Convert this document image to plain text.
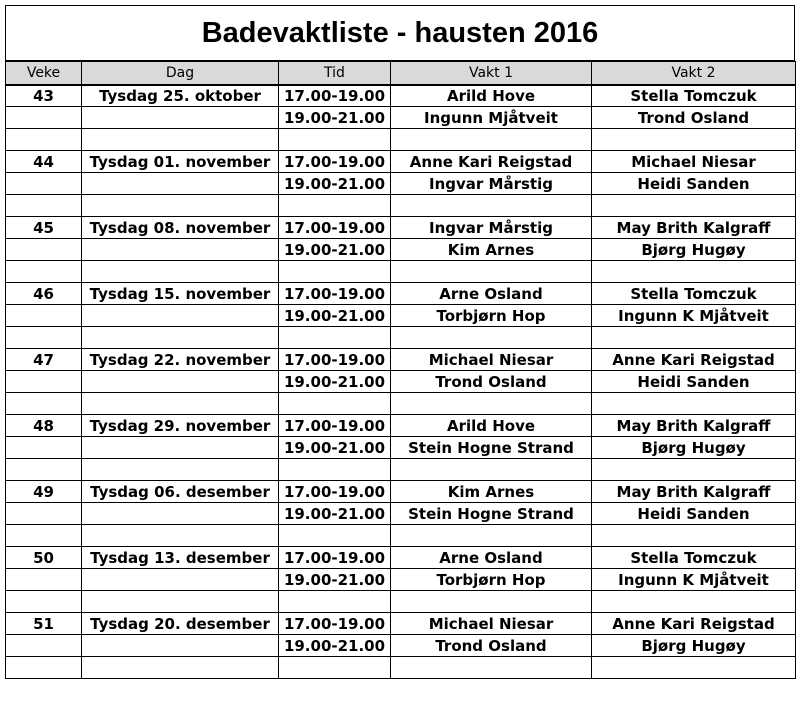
Badevaktliste - hausten 2016
Veke	Dag	Tid	Vakt 1	Vakt 2
43	Tysdag 25. oktober	17.00-19.00	Arild Hove	Stella Tomczuk
		19.00-21.00	Ingunn Mjåtveit	Trond Osland

44	Tysdag 01. november	17.00-19.00	Anne Kari Reigstad	Michael Niesar
		19.00-21.00	Ingvar Mårstig	Heidi Sanden

45	Tysdag 08. november	17.00-19.00	Ingvar Mårstig	May Brith Kalgraff
		19.00-21.00	Kim Arnes	Bjørg Hugøy

46	Tysdag 15. november	17.00-19.00	Arne Osland	Stella Tomczuk
		19.00-21.00	Torbjørn Hop	Ingunn K Mjåtveit

47	Tysdag 22. november	17.00-19.00	Michael Niesar	Anne Kari Reigstad
		19.00-21.00	Trond Osland	Heidi Sanden

48	Tysdag 29. november	17.00-19.00	Arild Hove	May Brith Kalgraff
		19.00-21.00	Stein Hogne Strand	Bjørg Hugøy

49	Tysdag 06. desember	17.00-19.00	Kim Arnes	May Brith Kalgraff
		19.00-21.00	Stein Hogne Strand	Heidi Sanden

50	Tysdag 13. desember	17.00-19.00	Arne Osland	Stella Tomczuk
		19.00-21.00	Torbjørn Hop	Ingunn K Mjåtveit

51	Tysdag 20. desember	17.00-19.00	Michael Niesar	Anne Kari Reigstad
		19.00-21.00	Trond Osland	Bjørg Hugøy
